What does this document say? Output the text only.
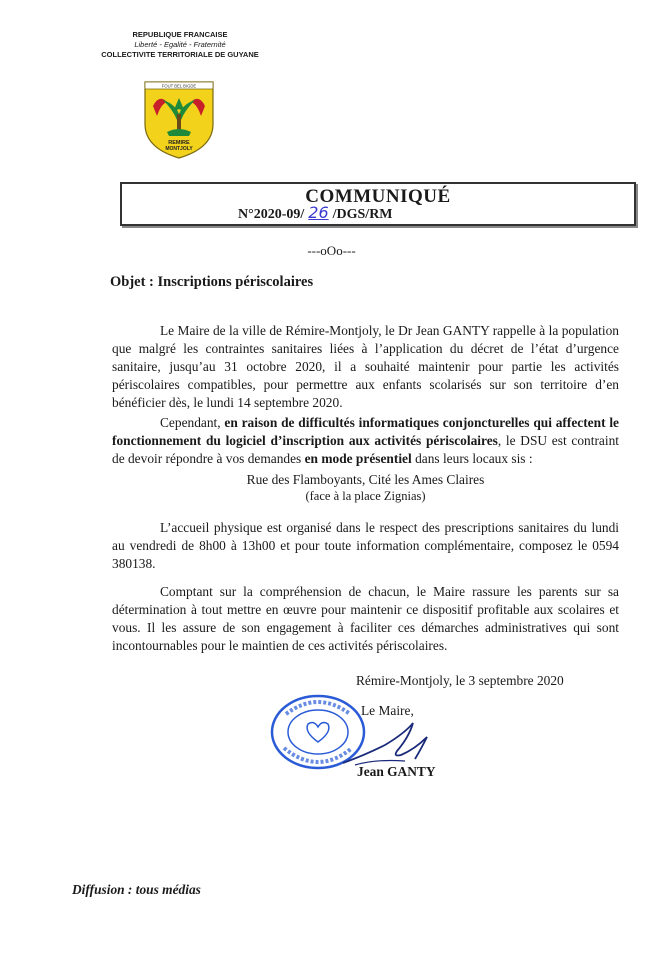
REPUBLIQUE FRANCAISE
Liberté - Egalité - Fraternité
COLLECTIVITE TERRITORIALE DE GUYANE
FOUT BEL BIGDE
REMIRE
MONTJOLY
COMMUNIQUÉ
N°2020-09/ 26 /DGS/RM
---oOo---
Objet : Inscriptions périscolaires

Le Maire de la ville de Rémire-Montjoly, le Dr Jean GANTY rappelle à la population que malgré les contraintes sanitaires liées à l’application du décret de l’état d’urgence sanitaire, jusqu’au 31 octobre 2020, il a souhaité maintenir pour partie les activités périscolaires compatibles, pour permettre aux enfants scolarisés sur son territoire d’en bénéficier dès, le lundi 14 septembre 2020.

Cependant, en raison de difficultés informatiques conjoncturelles qui affectent le fonctionnement du logiciel d’inscription aux activités périscolaires, le DSU est contraint de devoir répondre à vos demandes en mode présentiel dans leurs locaux sis :

Rue des Flamboyants, Cité les Ames Claires
(face à la place Zignias)

L’accueil physique est organisé dans le respect des prescriptions sanitaires du lundi au vendredi de 8h00 à 13h00 et pour toute information complémentaire, composez le 0594 380138.

Comptant sur la compréhension de chacun, le Maire rassure les parents sur sa détermination à tout mettre en œuvre pour maintenir ce dispositif profitable aux scolaires et vous. Il les assure de son engagement à faciliter ces démarches administratives qui sont incontournables pour le maintien de ces activités périscolaires.

Rémire-Montjoly, le 3 septembre 2020
Le Maire,
Jean GANTY
Diffusion : tous médias
